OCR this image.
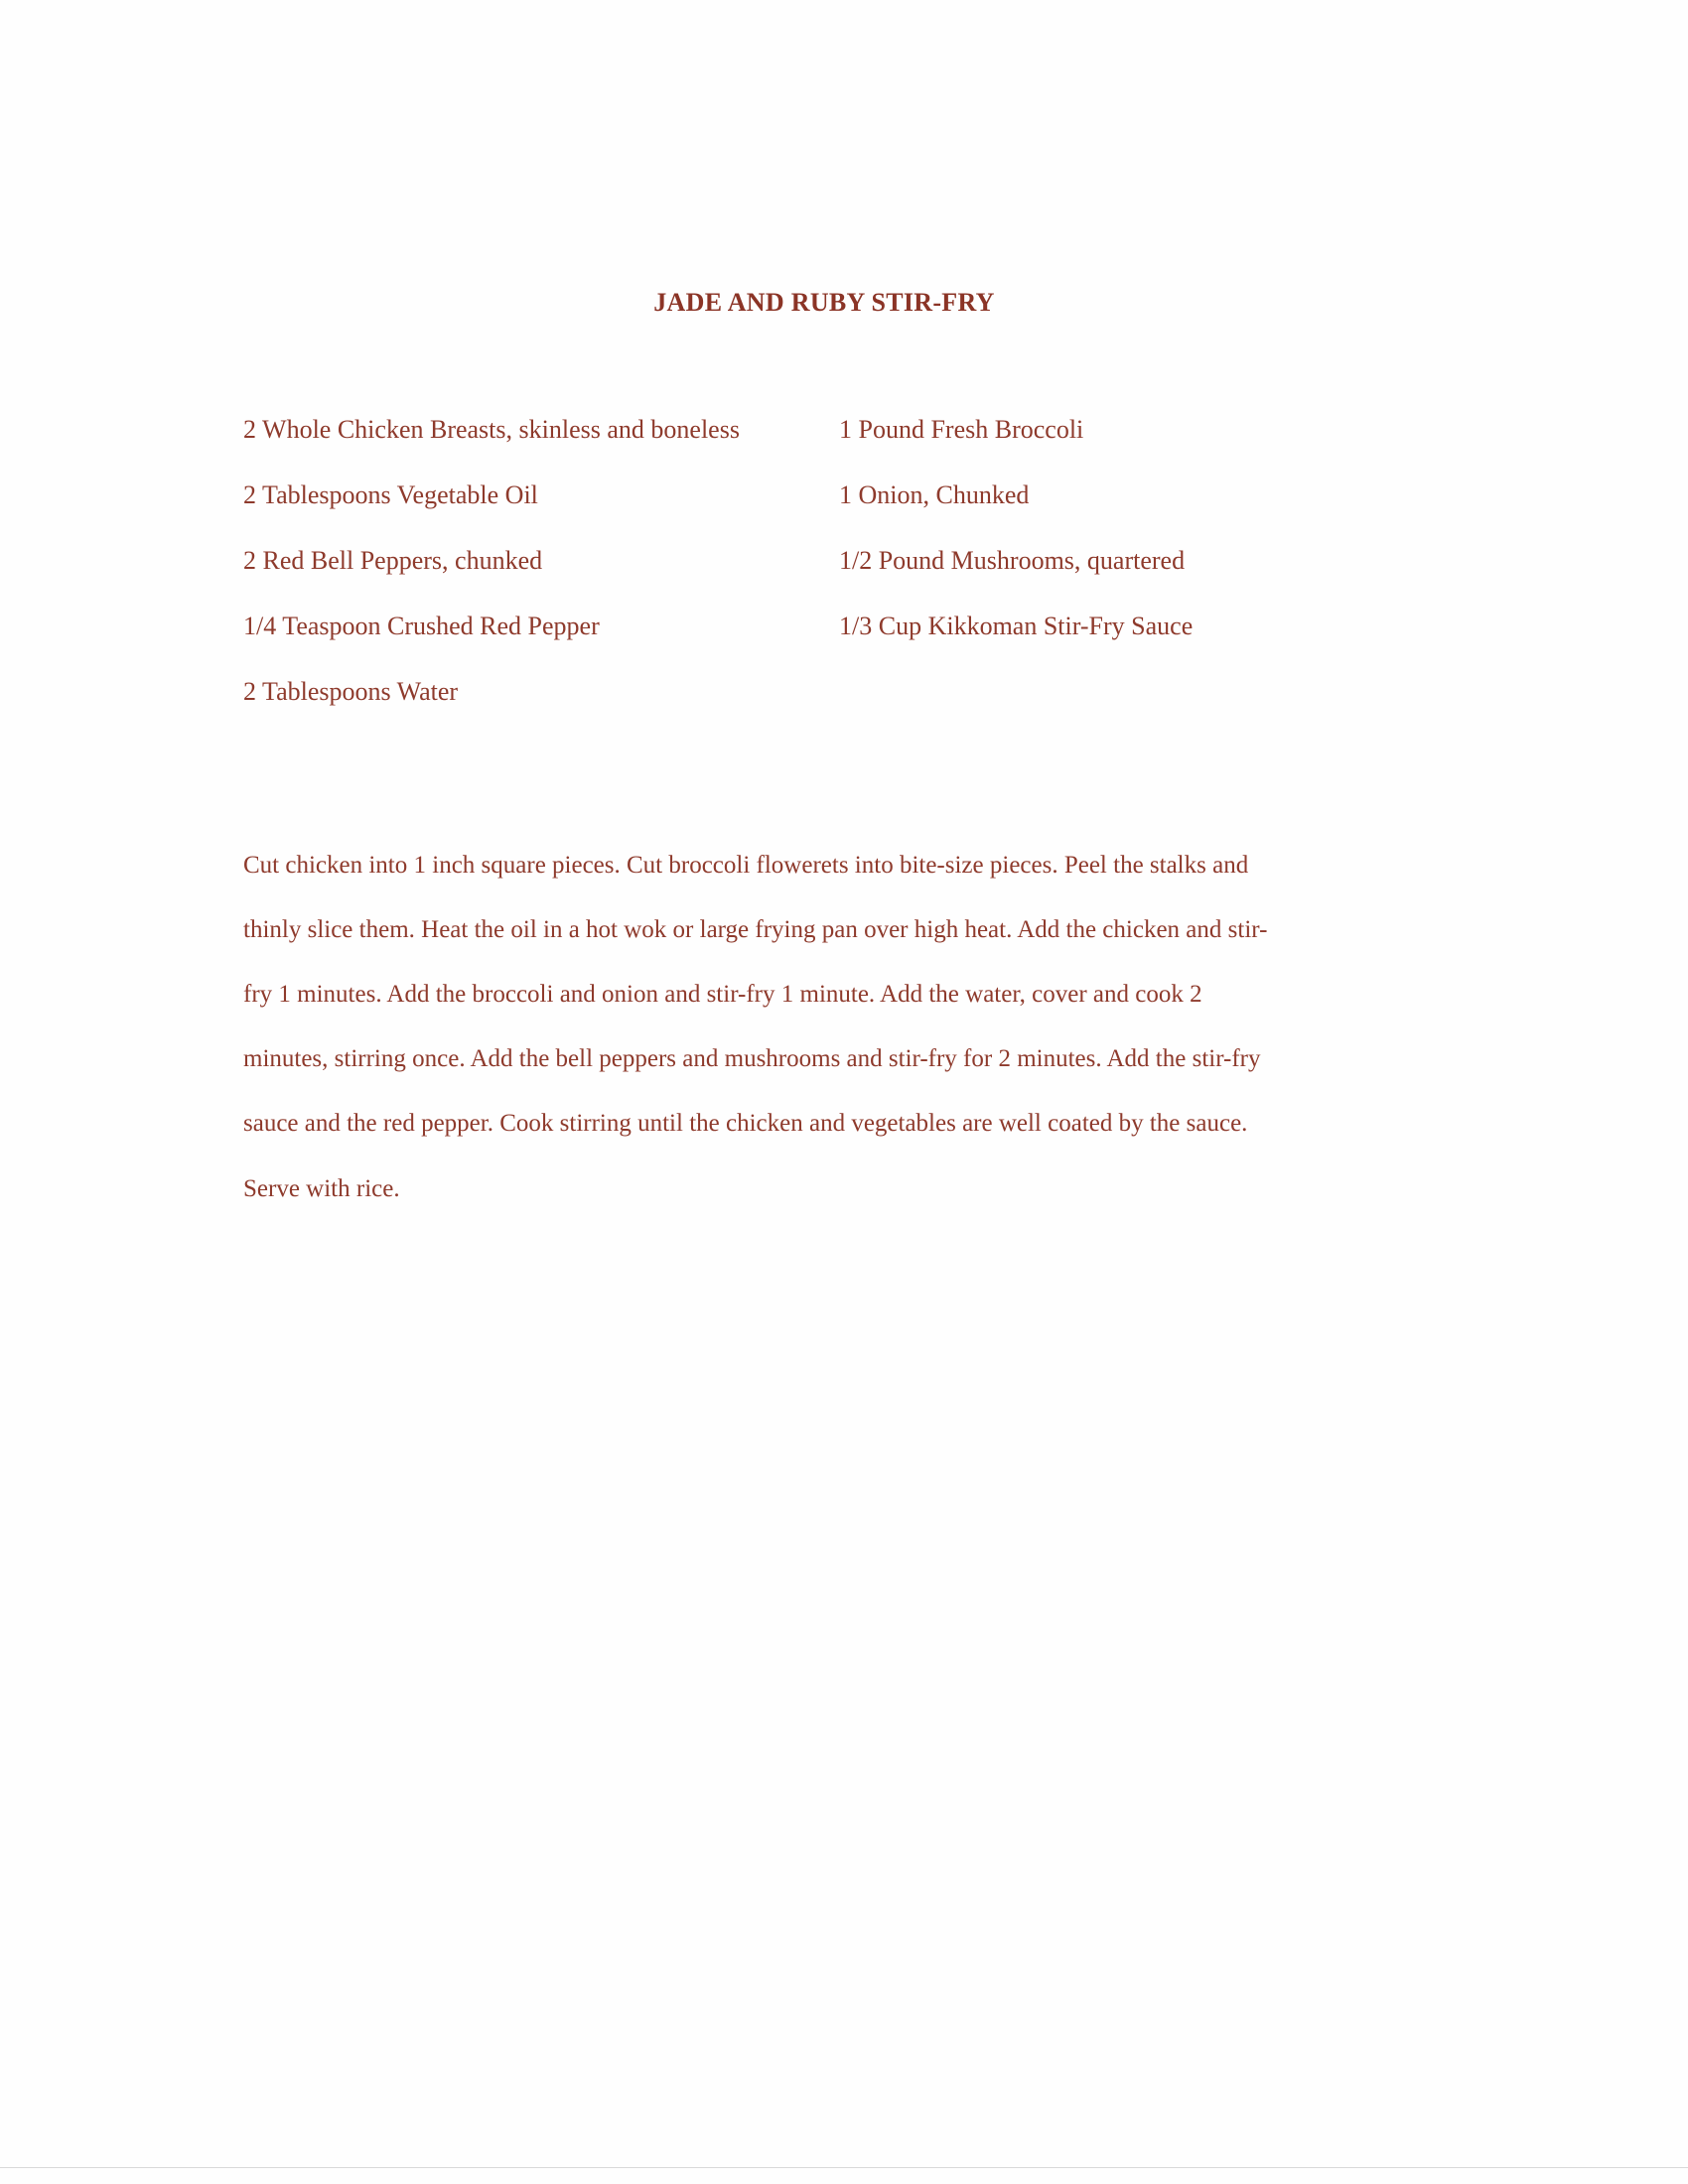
JADE AND RUBY STIR-FRY
2 Whole Chicken Breasts, skinless and boneless
2 Tablespoons Vegetable Oil
2 Red Bell Peppers, chunked
1/4 Teaspoon Crushed Red Pepper
2 Tablespoons Water
1 Pound Fresh Broccoli
1 Onion, Chunked
1/2 Pound Mushrooms, quartered
1/3 Cup Kikkoman Stir-Fry Sauce

Cut chicken into 1 inch square pieces. Cut broccoli flowerets into bite-size pieces. Peel the stalks and

thinly slice them. Heat the oil in a hot wok or large frying pan over high heat. Add the chicken and stir-

fry 1 minutes. Add the broccoli and onion and stir-fry 1 minute. Add the water, cover and cook 2

minutes, stirring once. Add the bell peppers and mushrooms and stir-fry for 2 minutes. Add the stir-fry

sauce and the red pepper. Cook stirring until the chicken and vegetables are well coated by the sauce.

Serve with rice.
